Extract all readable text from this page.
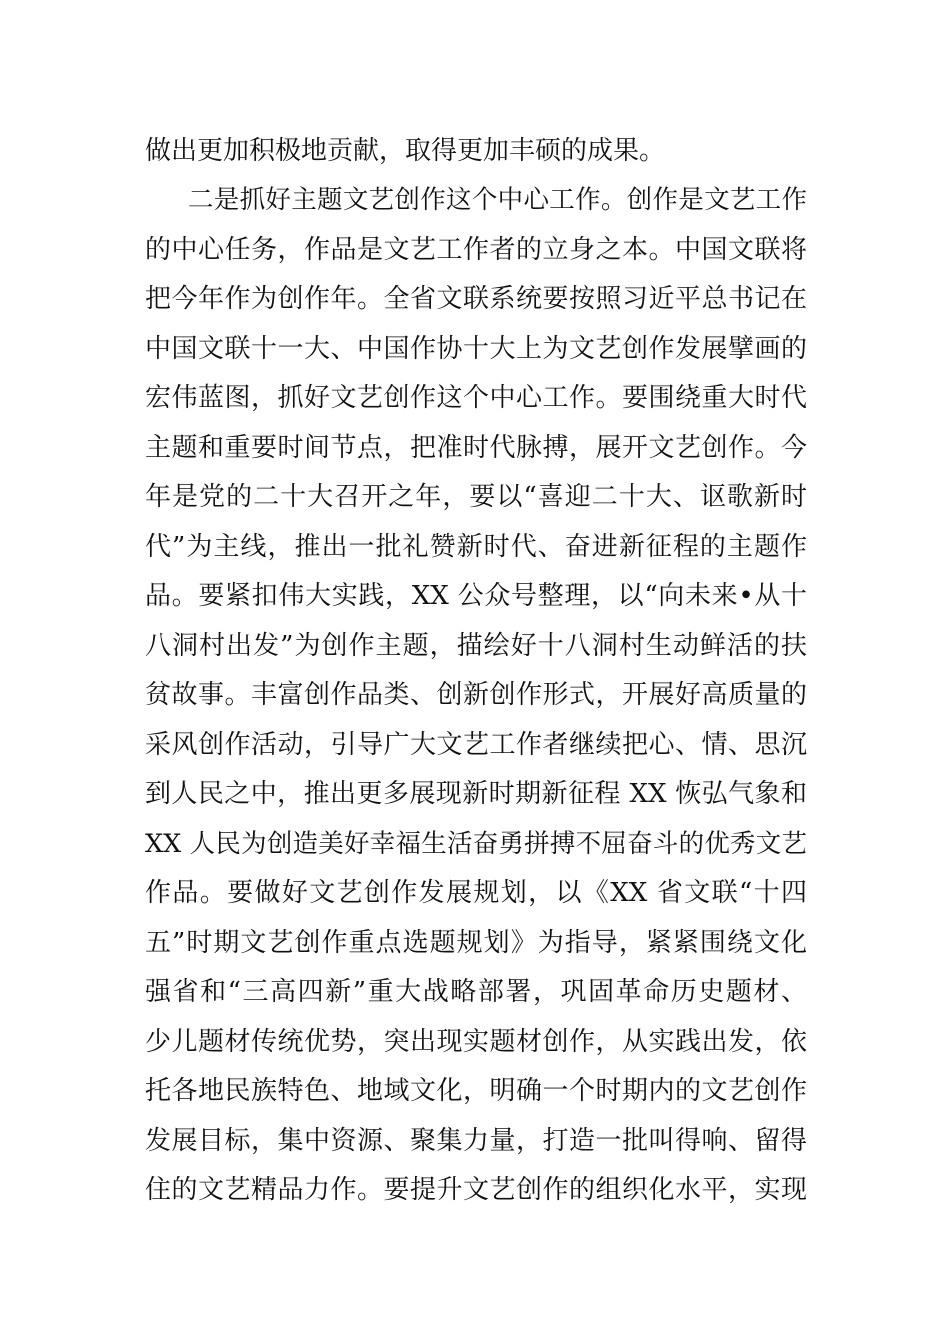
做出更加积极地贡献，取得更加丰硕的成果。
二是抓好主题文艺创作这个中心工作。创作是文艺工作
的中心任务，作品是文艺工作者的立身之本。中国文联将
把今年作为创作年。全省文联系统要按照习近平总书记在
中国文联十一大、中国作协十大上为文艺创作发展擘画的
宏伟蓝图，抓好文艺创作这个中心工作。要围绕重大时代
主题和重要时间节点，把准时代脉搏，展开文艺创作。今
年是党的二十大召开之年，要以“喜迎二十大、讴歌新时
代”为主线，推出一批礼赞新时代、奋进新征程的主题作
品。要紧扣伟大实践，XX 公众号整理，以“向未来•从十
八洞村出发”为创作主题，描绘好十八洞村生动鲜活的扶
贫故事。丰富创作品类、创新创作形式，开展好高质量的
采风创作活动，引导广大文艺工作者继续把心、情、思沉
到人民之中，推出更多展现新时期新征程 XX 恢弘气象和
XX 人民为创造美好幸福生活奋勇拼搏不屈奋斗的优秀文艺
作品。要做好文艺创作发展规划，以《XX 省文联“十四
五”时期文艺创作重点选题规划》为指导，紧紧围绕文化
强省和“三高四新”重大战略部署，巩固革命历史题材、
少儿题材传统优势，突出现实题材创作，从实践出发，依
托各地民族特色、地域文化，明确一个时期内的文艺创作
发展目标，集中资源、聚集力量，打造一批叫得响、留得
住的文艺精品力作。要提升文艺创作的组织化水平，实现
